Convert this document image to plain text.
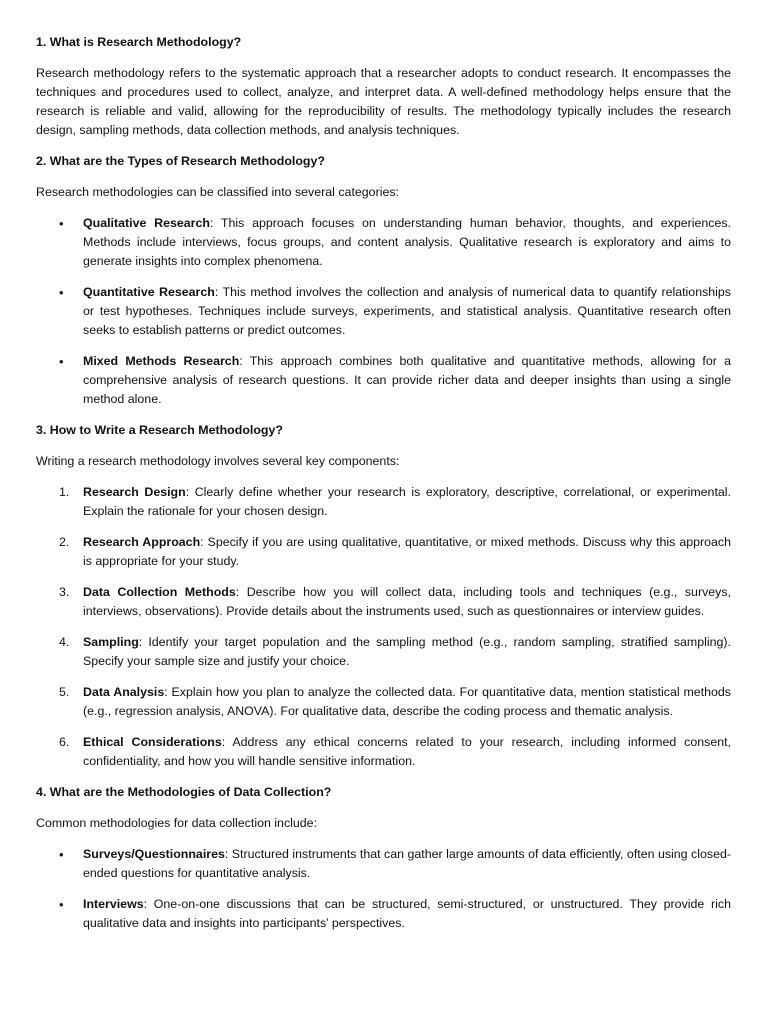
1. What is Research Methodology?

Research methodology refers to the systematic approach that a researcher adopts to conduct research. It encompasses the techniques and procedures used to collect, analyze, and interpret data. A well-defined methodology helps ensure that the research is reliable and valid, allowing for the reproducibility of results. The methodology typically includes the research design, sampling methods, data collection methods, and analysis techniques.

2. What are the Types of Research Methodology?

Research methodologies can be classified into several categories:

• Qualitative Research: This approach focuses on understanding human behavior, thoughts, and experiences. Methods include interviews, focus groups, and content analysis. Qualitative research is exploratory and aims to generate insights into complex phenomena.
• Quantitative Research: This method involves the collection and analysis of numerical data to quantify relationships or test hypotheses. Techniques include surveys, experiments, and statistical analysis. Quantitative research often seeks to establish patterns or predict outcomes.
• Mixed Methods Research: This approach combines both qualitative and quantitative methods, allowing for a comprehensive analysis of research questions. It can provide richer data and deeper insights than using a single method alone.
3. How to Write a Research Methodology?

Writing a research methodology involves several key components:

1. Research Design: Clearly define whether your research is exploratory, descriptive, correlational, or experimental. Explain the rationale for your chosen design.
2. Research Approach: Specify if you are using qualitative, quantitative, or mixed methods. Discuss why this approach is appropriate for your study.
3. Data Collection Methods: Describe how you will collect data, including tools and techniques (e.g., surveys, interviews, observations). Provide details about the instruments used, such as questionnaires or interview guides.
4. Sampling: Identify your target population and the sampling method (e.g., random sampling, stratified sampling). Specify your sample size and justify your choice.
5. Data Analysis: Explain how you plan to analyze the collected data. For quantitative data, mention statistical methods (e.g., regression analysis, ANOVA). For qualitative data, describe the coding process and thematic analysis.
6. Ethical Considerations: Address any ethical concerns related to your research, including informed consent, confidentiality, and how you will handle sensitive information.
4. What are the Methodologies of Data Collection?

Common methodologies for data collection include:

• Surveys/Questionnaires: Structured instruments that can gather large amounts of data efficiently, often using closed-ended questions for quantitative analysis.
• Interviews: One-on-one discussions that can be structured, semi-structured, or unstructured. They provide rich qualitative data and insights into participants’ perspectives.
